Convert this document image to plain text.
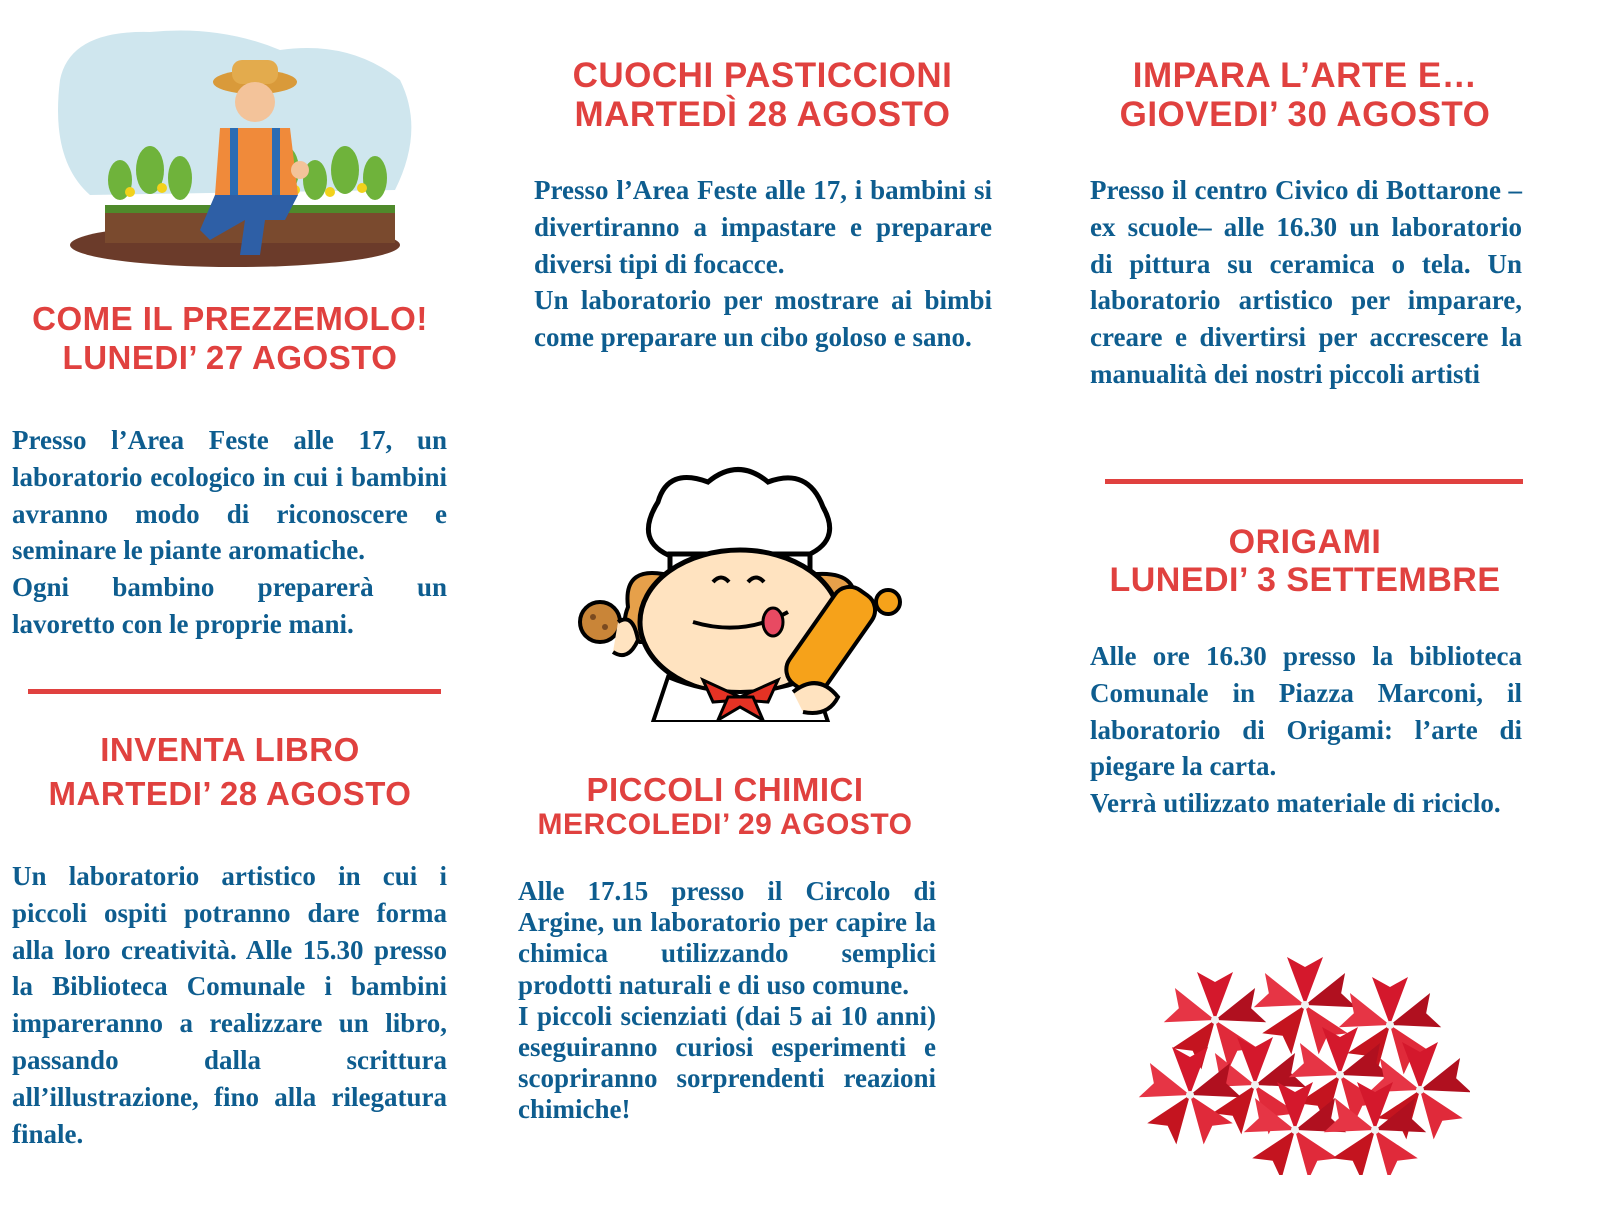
COME IL PREZZEMOLO!
LUNEDI’ 27 AGOSTO

Presso l’Area Feste alle 17, un laboratorio ecologico in cui i bambini avranno modo di riconoscere e seminare le piante aromatiche.

Ogni bambino preparerà un lavoretto con le proprie mani.

INVENTA LIBRO
MARTEDI’ 28 AGOSTO

Un laboratorio artistico in cui i piccoli ospiti potranno dare forma alla loro creatività. Alle 15.30 presso la Biblioteca Comunale i bambini impareranno a realizzare un libro, passando dalla scrittura all’illustrazione, fino alla rilegatura finale.

CUOCHI PASTICCIONI
MARTEDÌ 28 AGOSTO

Presso l’Area Feste alle 17, i bambini si divertiranno a impastare e preparare diversi tipi di focacce.

Un laboratorio per mostrare ai bimbi come preparare un cibo goloso e sano.

PICCOLI CHIMICI
MERCOLEDI’ 29 AGOSTO

Alle 17.15 presso il Circolo di Argine, un laboratorio per capire la chimica utilizzando semplici prodotti naturali e di uso comune.

I piccoli scienziati (dai 5 ai 10 anni) eseguiranno curiosi esperimenti e scopriranno sorprendenti reazioni chimiche!

IMPARA L’ARTE E…
GIOVEDI’ 30 AGOSTO

Presso il centro Civico di Bottarone –ex scuole– alle 16.30 un laboratorio di pittura su ceramica o tela. Un laboratorio artistico per imparare, creare e divertirsi per accrescere la manualità dei nostri piccoli artisti

ORIGAMI
LUNEDI’ 3 SETTEMBRE

Alle ore 16.30 presso la biblioteca Comunale in Piazza Marconi, il laboratorio di Origami: l’arte di piegare la carta.

Verrà utilizzato materiale di riciclo.
